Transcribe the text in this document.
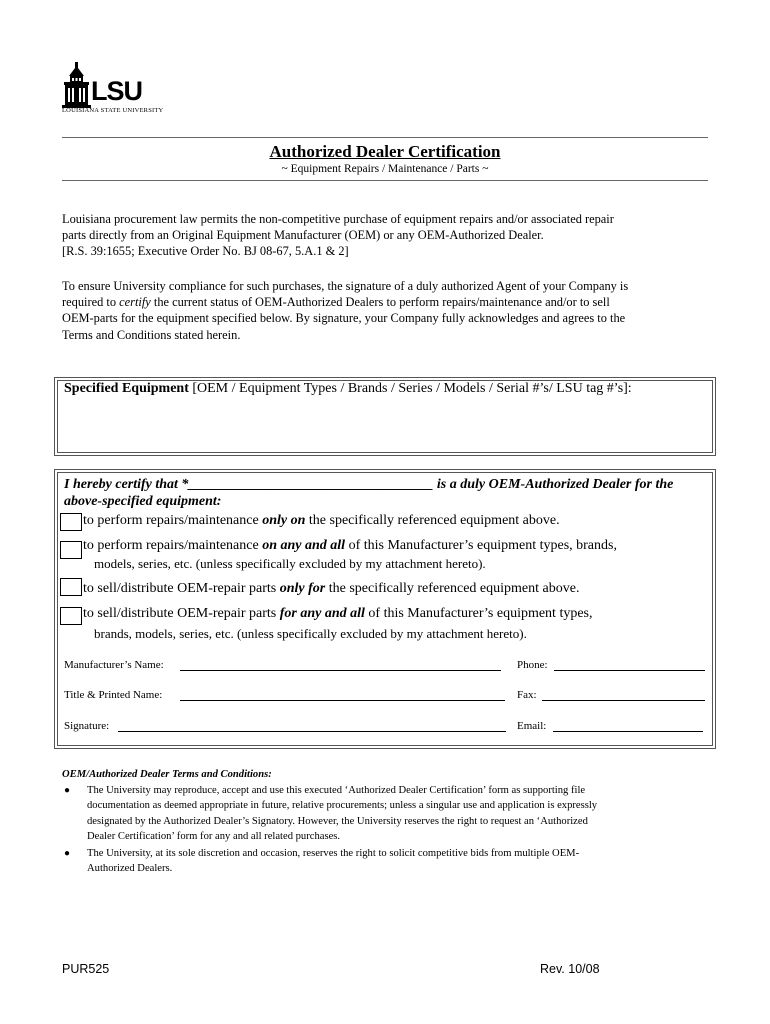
LSU
LOUISIANA STATE UNIVERSITY
Authorized Dealer Certification
~ Equipment Repairs / Maintenance / Parts ~
Louisiana procurement law permits the non-competitive purchase of equipment repairs and/or associated repair
parts directly from an Original Equipment Manufacturer (OEM) or any OEM-Authorized Dealer.
[R.S. 39:1655; Executive Order No. BJ 08-67, 5.A.1 & 2]
To ensure University compliance for such purchases, the signature of a duly authorized Agent of your Company is
required to certify the current status of OEM-Authorized Dealers to perform repairs/maintenance and/or to sell
OEM-parts for the equipment specified below. By signature, your Company fully acknowledges and agrees to the
Terms and Conditions stated herein.
Specified Equipment [OEM / Equipment Types / Brands / Series / Models / Serial #’s/ LSU tag #’s]:
I hereby certify that *___________________________________ is a duly OEM-Authorized Dealer for the
above-specified equipment:
to perform repairs/maintenance only on the specifically referenced equipment above.
to perform repairs/maintenance on any and all of this Manufacturer’s equipment types, brands,
models, series, etc. (unless specifically excluded by my attachment hereto).
to sell/distribute OEM-repair parts only for the specifically referenced equipment above.
to sell/distribute OEM-repair parts for any and all of this Manufacturer’s equipment types,
brands, models, series, etc. (unless specifically excluded by my attachment hereto).
Manufacturer’s Name:	Phone:
Title & Printed Name:	Fax:
Signature:	Email:
OEM/Authorized Dealer Terms and Conditions:
● The University may reproduce, accept and use this executed ‘Authorized Dealer Certification’ form as supporting file
documentation as deemed appropriate in future, relative procurements; unless a singular use and application is expressly
designated by the Authorized Dealer’s Signatory. However, the University reserves the right to request an ‘Authorized
Dealer Certification’ form for any and all related purchases.
● The University, at its sole discretion and occasion, reserves the right to solicit competitive bids from multiple OEM-
Authorized Dealers.
PUR525	Rev. 10/08
